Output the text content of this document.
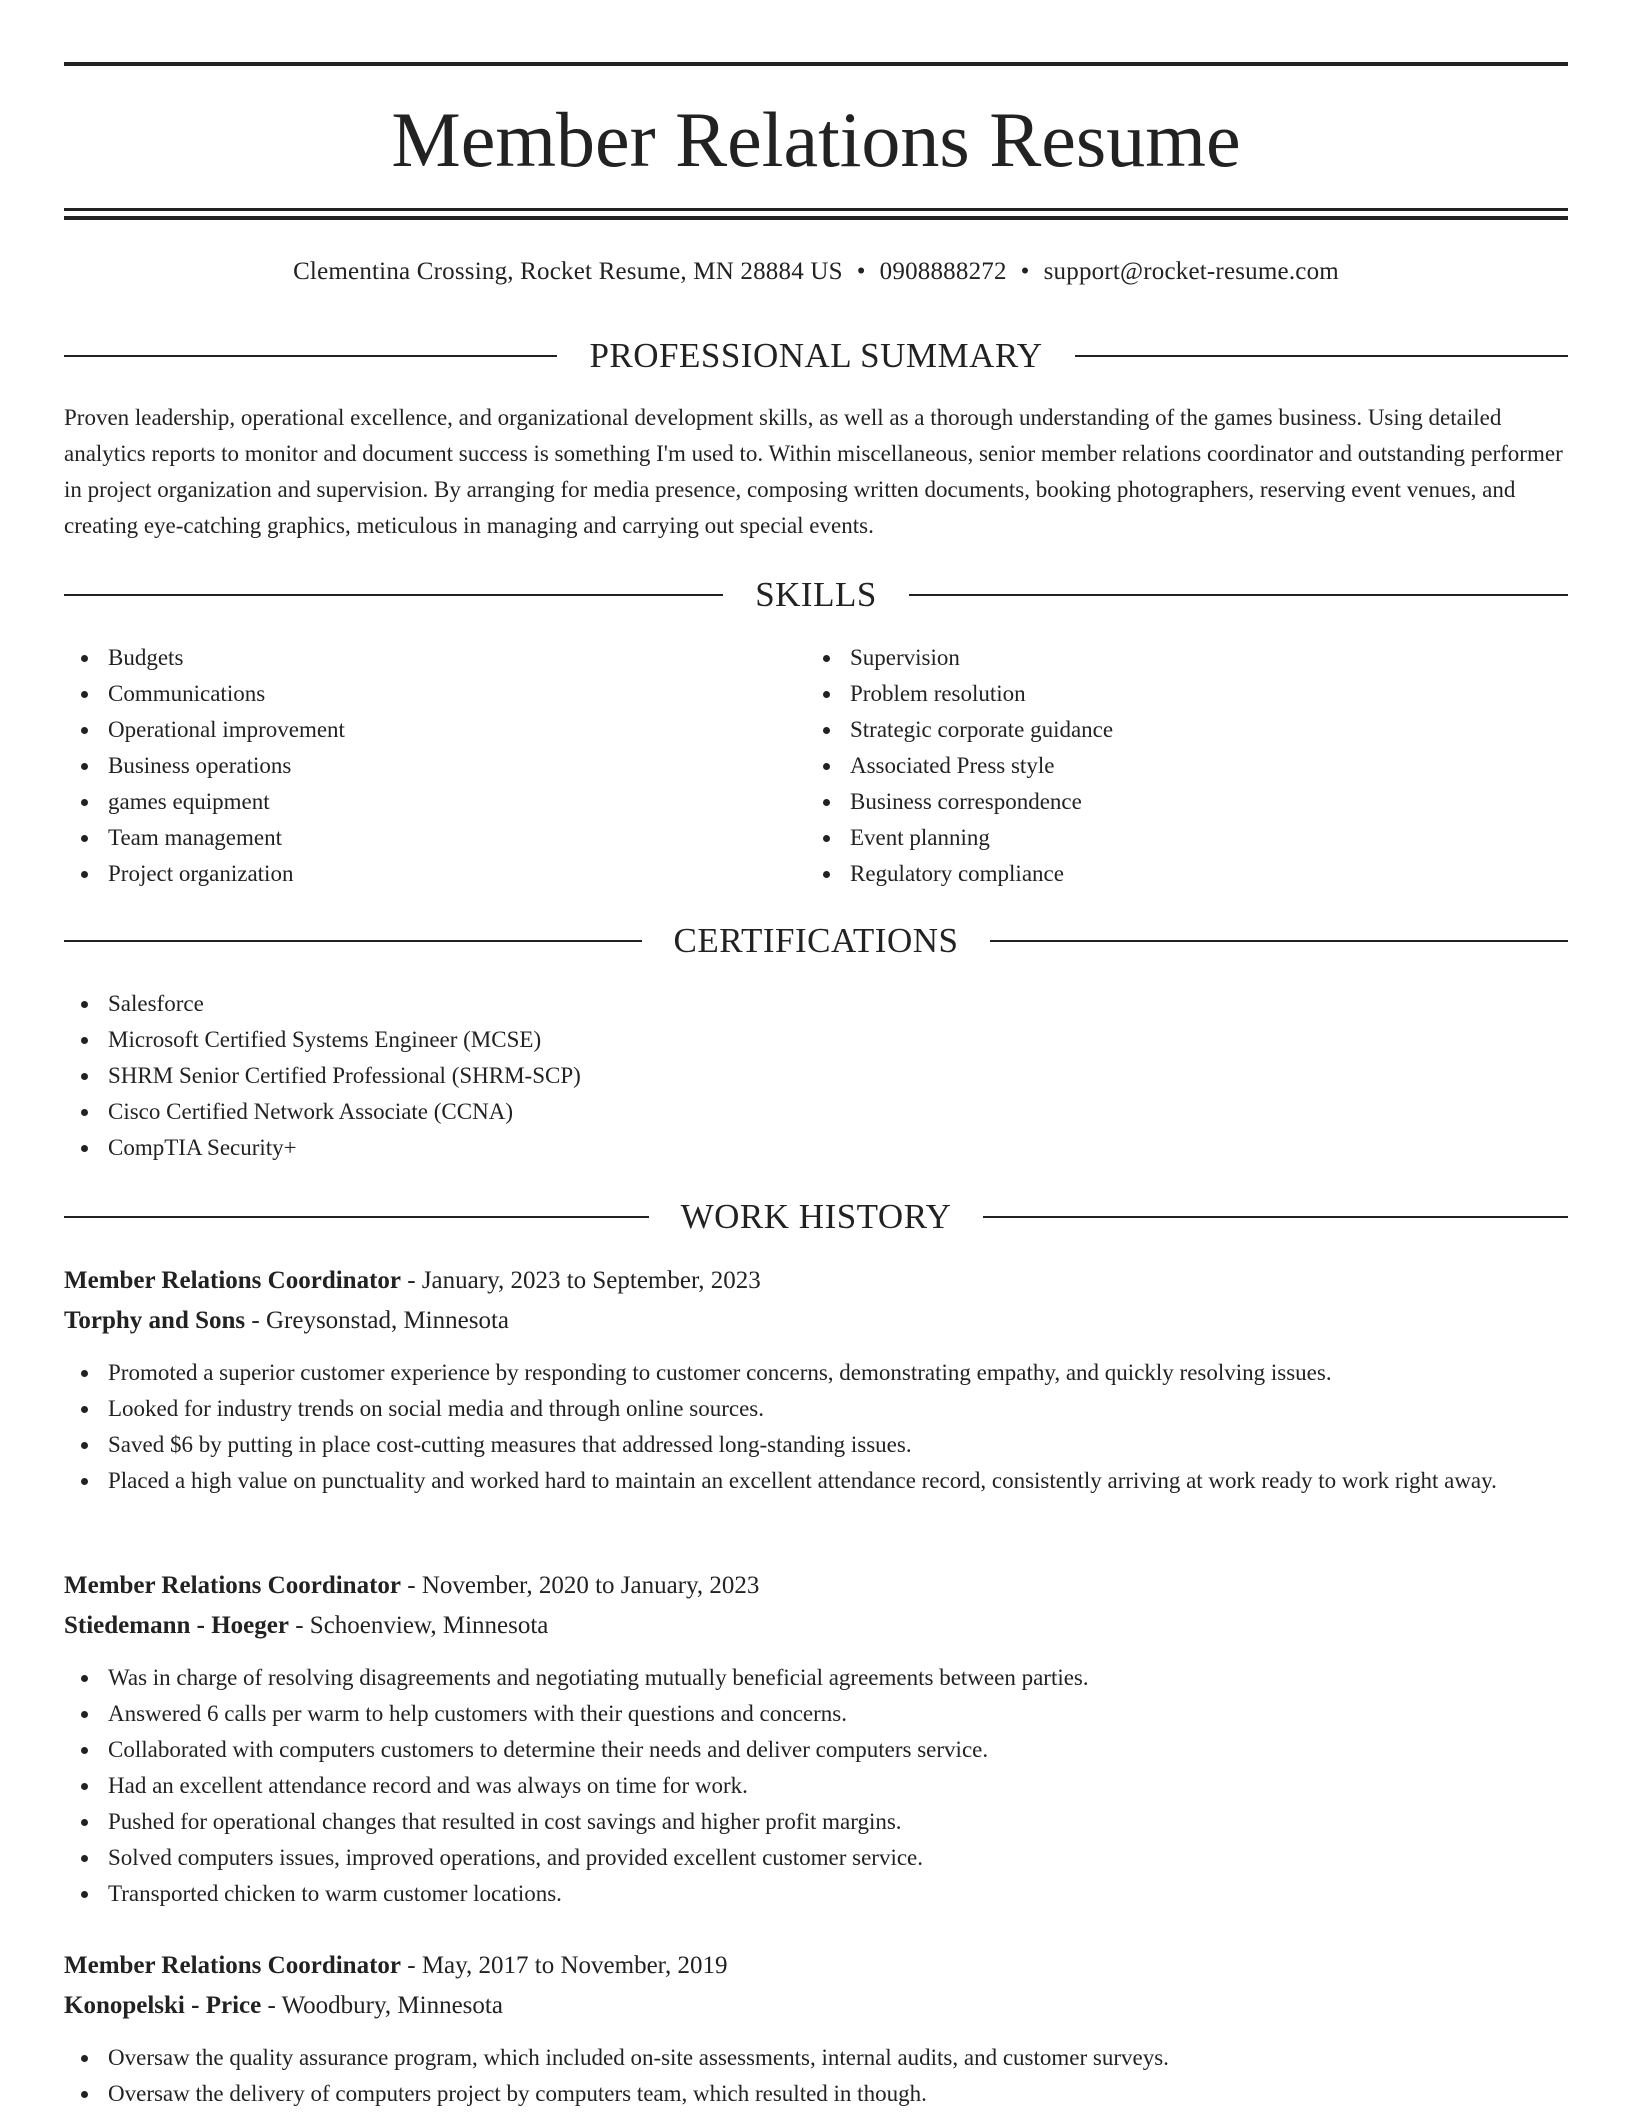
Member Relations Resume
Clementina Crossing, Rocket Resume, MN 28884 US • 0908888272 • support@rocket-resume.com
PROFESSIONAL SUMMARY

Proven leadership, operational excellence, and organizational development skills, as well as a thorough understanding of the games business. Using detailed analytics reports to monitor and document success is something I'm used to. Within miscellaneous, senior member relations coordinator and outstanding performer in project organization and supervision. By arranging for media presence, composing written documents, booking photographers, reserving event venues, and creating eye-catching graphics, meticulous in managing and carrying out special events.

SKILLS
Budgets
Communications
Operational improvement
Business operations
games equipment
Team management
Project organization
Supervision
Problem resolution
Strategic corporate guidance
Associated Press style
Business correspondence
Event planning
Regulatory compliance
CERTIFICATIONS
Salesforce
Microsoft Certified Systems Engineer (MCSE)
SHRM Senior Certified Professional (SHRM-SCP)
Cisco Certified Network Associate (CCNA)
CompTIA Security+
WORK HISTORY
Member Relations Coordinator - January, 2023 to September, 2023
Torphy and Sons - Greysonstad, Minnesota
Promoted a superior customer experience by responding to customer concerns, demonstrating empathy, and quickly resolving issues.
Looked for industry trends on social media and through online sources.
Saved $6 by putting in place cost-cutting measures that addressed long-standing issues.
Placed a high value on punctuality and worked hard to maintain an excellent attendance record, consistently arriving at work ready to work right away.
Member Relations Coordinator - November, 2020 to January, 2023
Stiedemann - Hoeger - Schoenview, Minnesota
Was in charge of resolving disagreements and negotiating mutually beneficial agreements between parties.
Answered 6 calls per warm to help customers with their questions and concerns.
Collaborated with computers customers to determine their needs and deliver computers service.
Had an excellent attendance record and was always on time for work.
Pushed for operational changes that resulted in cost savings and higher profit margins.
Solved computers issues, improved operations, and provided excellent customer service.
Transported chicken to warm customer locations.
Member Relations Coordinator - May, 2017 to November, 2019
Konopelski - Price - Woodbury, Minnesota
Oversaw the quality assurance program, which included on-site assessments, internal audits, and customer surveys.
Oversaw the delivery of computers project by computers team, which resulted in though.
